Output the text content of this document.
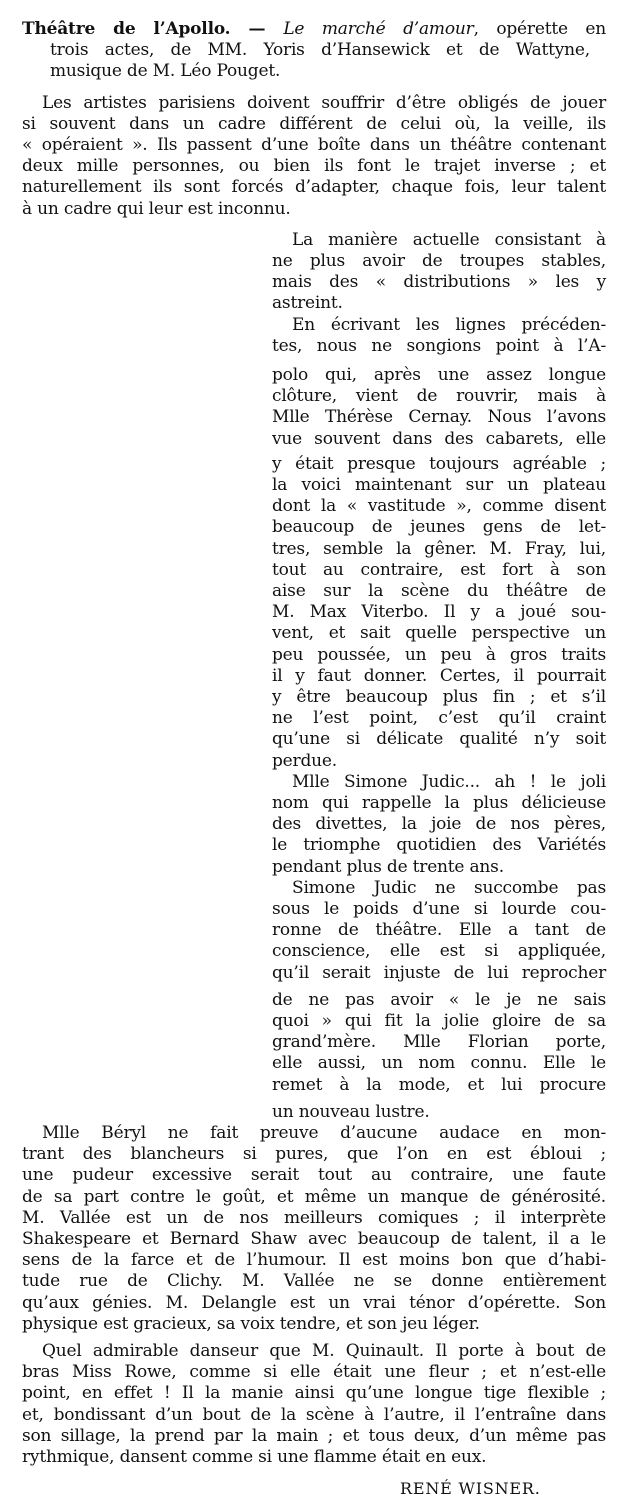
Théâtre de l’Apollo. — Le marché d’amour, opérette en
trois actes, de MM. Yoris d’Hansewick et de Wattyne,
musique de M. Léo Pouget.
Les artistes parisiens doivent souffrir d’être obligés de jouer
si souvent dans un cadre différent de celui où, la veille, ils
« opéraient ». Ils passent d’une boîte dans un théâtre contenant
deux mille personnes, ou bien ils font le trajet inverse ; et
naturellement ils sont forcés d’adapter, chaque fois, leur talent
à un cadre qui leur est inconnu.
La manière actuelle consistant à
ne plus avoir de troupes stables,
mais des « distributions » les y
astreint.
En écrivant les lignes précéden-
tes, nous ne songions point à l’A-
polo qui, après une assez longue
clôture, vient de rouvrir, mais à
Mlle Thérèse Cernay. Nous l’avons
vue souvent dans des cabarets, elle
y était presque toujours agréable ;
la voici maintenant sur un plateau
dont la « vastitude », comme disent
beaucoup de jeunes gens de let-
tres, semble la gêner. M. Fray, lui,
tout au contraire, est fort à son
aise sur la scène du théâtre de
M. Max Viterbo. Il y a joué sou-
vent, et sait quelle perspective un
peu poussée, un peu à gros traits
il y faut donner. Certes, il pourrait
y être beaucoup plus fin ; et s’il
ne l’est point, c’est qu’il craint
qu’une si délicate qualité n’y soit
perdue.
Mlle Simone Judic... ah ! le joli
nom qui rappelle la plus délicieuse
des divettes, la joie de nos pères,
le triomphe quotidien des Variétés
pendant plus de trente ans.
Simone Judic ne succombe pas
sous le poids d’une si lourde cou-
ronne de théâtre. Elle a tant de
conscience, elle est si appliquée,
qu’il serait injuste de lui reprocher
de ne pas avoir « le je ne sais
quoi » qui fit la jolie gloire de sa
grand’mère. Mlle Florian porte,
elle aussi, un nom connu. Elle le
remet à la mode, et lui procure
un nouveau lustre.
Mlle Béryl ne fait preuve d’aucune audace en mon-
trant des blancheurs si pures, que l’on en est ébloui ;
une pudeur excessive serait tout au contraire, une faute
de sa part contre le goût, et même un manque de générosité.
M. Vallée est un de nos meilleurs comiques ; il interprète
Shakespeare et Bernard Shaw avec beaucoup de talent, il a le
sens de la farce et de l’humour. Il est moins bon que d’habi-
tude rue de Clichy. M. Vallée ne se donne entièrement
qu’aux génies. M. Delangle est un vrai ténor d’opérette. Son
physique est gracieux, sa voix tendre, et son jeu léger.
Quel admirable danseur que M. Quinault. Il porte à bout de
bras Miss Rowe, comme si elle était une fleur ; et n’est-elle
point, en effet ! Il la manie ainsi qu’une longue tige flexible ;
et, bondissant d’un bout de la scène à l’autre, il l’entraîne dans
son sillage, la prend par la main ; et tous deux, d’un même pas
rythmique, dansent comme si une flamme était en eux.
RENÉ WISNER.
